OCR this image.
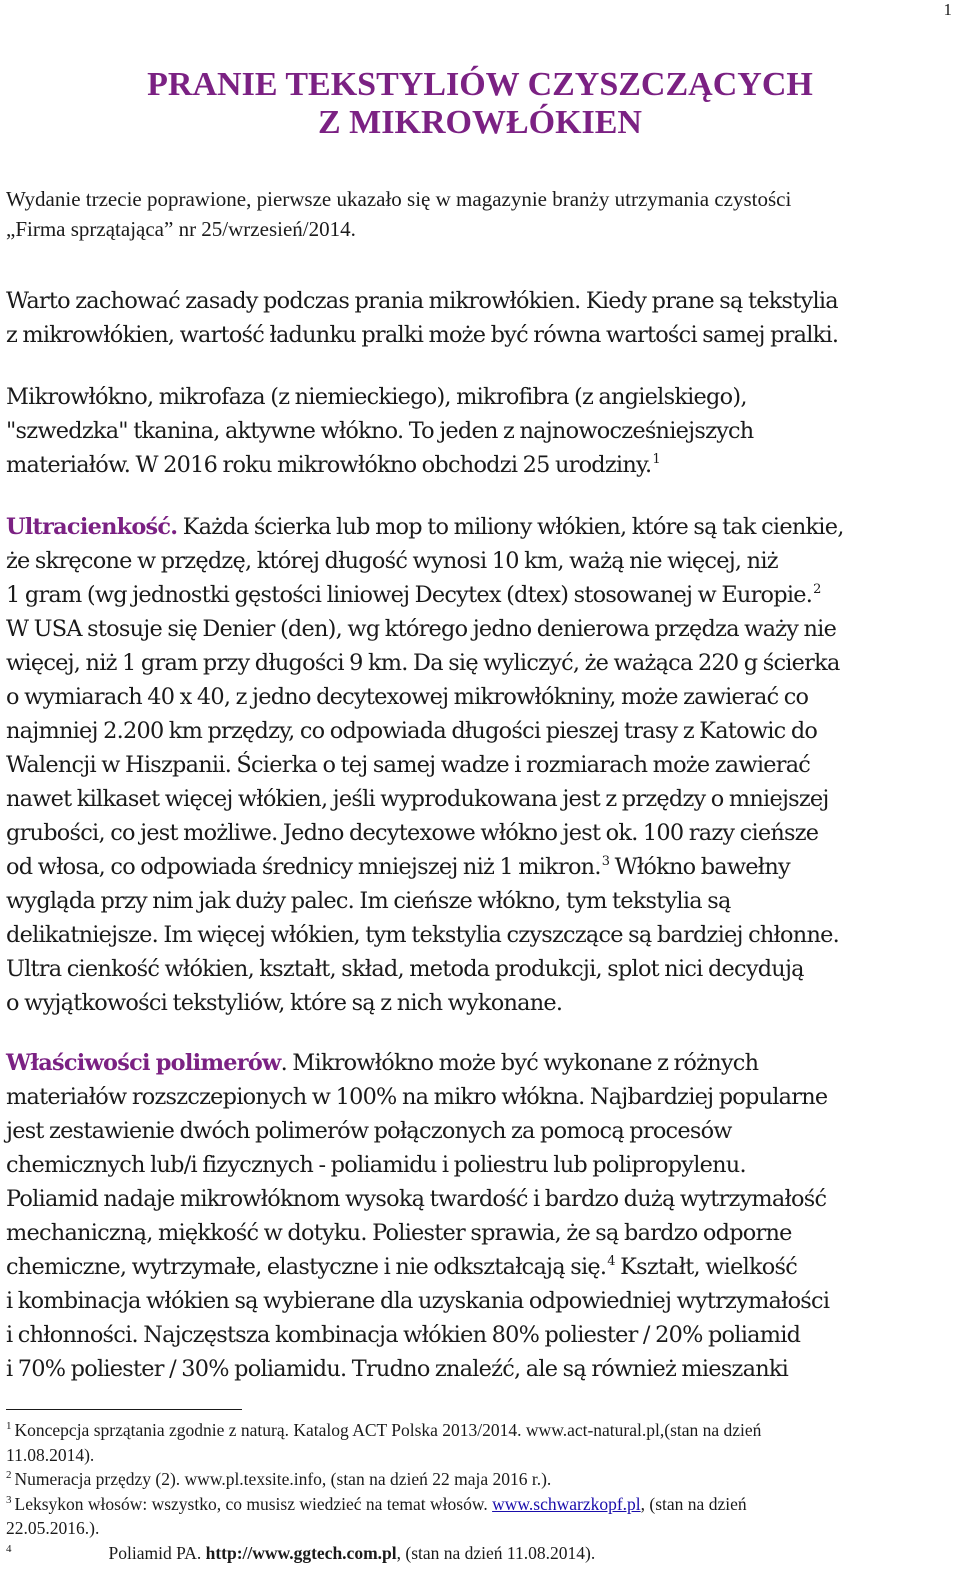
1
PRANIE TEKSTYLIÓW CZYSZCZĄCYCH
Z MIKROWŁÓKIEN

Wydanie trzecie poprawione, pierwsze ukazało się w magazynie branży utrzymania czystości
„Firma sprzątająca” nr 25/wrzesień/2014.

Warto zachować zasady podczas prania mikrowłókien. Kiedy prane są tekstylia
z mikrowłókien, wartość ładunku pralki może być równa wartości samej pralki.

Mikrowłókno, mikrofaza (z niemieckiego), mikrofibra (z angielskiego),
"szwedzka" tkanina, aktywne włókno. To jeden z najnowocześniejszych
materiałów. W 2016 roku mikrowłókno obchodzi 25 urodziny.$^1$

Ultracienkość. Każda ścierka lub mop to miliony włókien, które są tak cienkie,
że skręcone w przędzę, której długość wynosi 10 km, ważą nie więcej, niż
1 gram (wg jednostki gęstości liniowej Decytex (dtex) stosowanej w Europie.$^2$
W USA stosuje się Denier (den), wg którego jedno denierowa przędza waży nie
więcej, niż 1 gram przy długości 9 km. Da się wyliczyć, że ważąca 220 g ścierka
o wymiarach 40 x 40, z jedno decytexowej mikrowłókniny, może zawierać co
najmniej 2.200 km przędzy, co odpowiada długości pieszej trasy z Katowic do
Walencji w Hiszpanii. Ścierka o tej samej wadze i rozmiarach może zawierać
nawet kilkaset więcej włókien, jeśli wyprodukowana jest z przędzy o mniejszej
grubości, co jest możliwe. Jedno decytexowe włókno jest ok. 100 razy cieńsze
od włosa, co odpowiada średnicy mniejszej niż 1 mikron.$^3$ Włókno bawełny
wygląda przy nim jak duży palec. Im cieńsze włókno, tym tekstylia są
delikatniejsze. Im więcej włókien, tym tekstylia czyszczące są bardziej chłonne.
Ultra cienkość włókien, kształt, skład, metoda produkcji, splot nici decydują
o wyjątkowości tekstyliów, które są z nich wykonane.

Właściwości polimerów. Mikrowłókno może być wykonane z różnych
materiałów rozszczepionych w 100% na mikro włókna. Najbardziej popularne
jest zestawienie dwóch polimerów połączonych za pomocą procesów
chemicznych lub/i fizycznych - poliamidu i poliestru lub polipropylenu.
Poliamid nadaje mikrowłóknom wysoką twardość i bardzo dużą wytrzymałość
mechaniczną, miękkość w dotyku. Poliester sprawia, że są bardzo odporne
chemiczne, wytrzymałe, elastyczne i nie odkształcają się.$^4$ Kształt, wielkość
i kombinacja włókien są wybierane dla uzyskania odpowiedniej wytrzymałości
i chłonności. Najczęstsza kombinacja włókien 80% poliester / 20% poliamid
i 70% poliester / 30% poliamidu. Trudno znaleźć, ale są również mieszanki

$^1$ Koncepcja sprzątania zgodnie z naturą. Katalog ACT Polska 2013/2014. www.act-natural.pl,(stan na dzień
11.08.2014).
$^2$ Numeracja przędzy (2). www.pl.texsite.info, (stan na dzień 22 maja 2016 r.).
$^3$ Leksykon włosów: wszystko, co musisz wiedzieć na temat włosów. www.schwarzkopf.pl, (stan na dzień
22.05.2016.).
$^4$	Poliamid PA. http://www.ggtech.com.pl, (stan na dzień 11.08.2014).
